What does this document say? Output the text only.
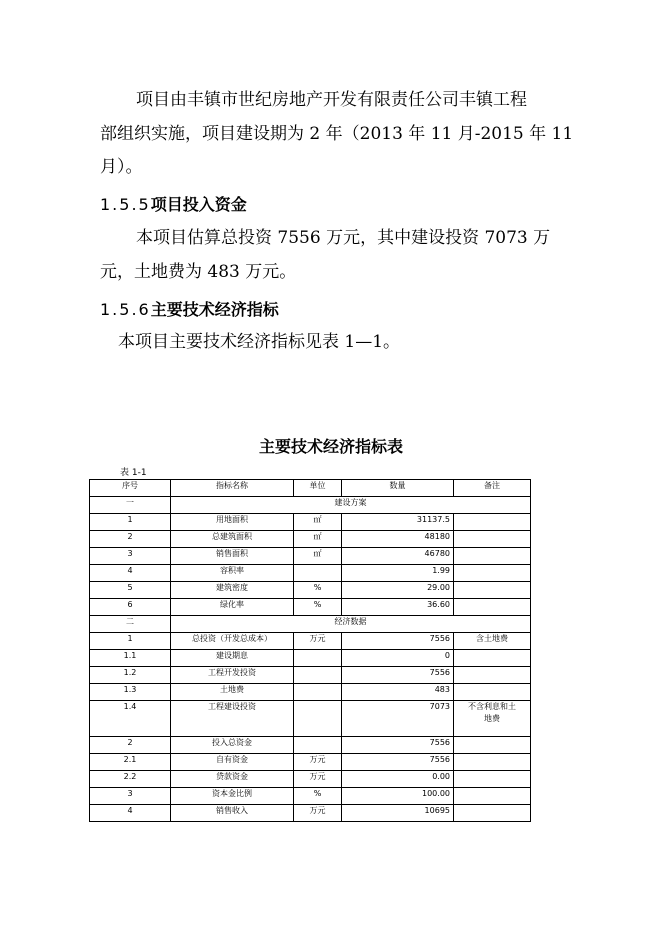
项目由丰镇市世纪房地产开发有限责任公司丰镇工程
部组织实施，项目建设期为 2 年（2013 年 11 月-2015 年 11
月）。
1.5.5项目投入资金
本项目估算总投资 7556 万元，其中建设投资 7073 万
元，土地费为 483 万元。
1.5.6主要技术经济指标
本项目主要技术经济指标见表 1—1。
主要技术经济指标表
表 1-1
序号	指标名称	单位	数量	备注
一	建设方案			
1	用地面积	㎡	31137.5	
2	总建筑面积	㎡	48180	
3	销售面积	㎡	46780	
4	容积率		1.99	
5	建筑密度	%	29.00	
6	绿化率	%	36.60	
二	经济数据			
1	总投资（开发总成本）	万元	7556	含土地费
1.1	建设期息		0	
1.2	工程开发投资		7556	
1.3	土地费		483	
1.4	工程建设投资		7073	不含利息和土
地费
2	投入总资金		7556	
2.1	自有资金	万元	7556	
2.2	贷款资金	万元	0.00	
3	资本金比例	%	100.00	
4	销售收入	万元	10695	
